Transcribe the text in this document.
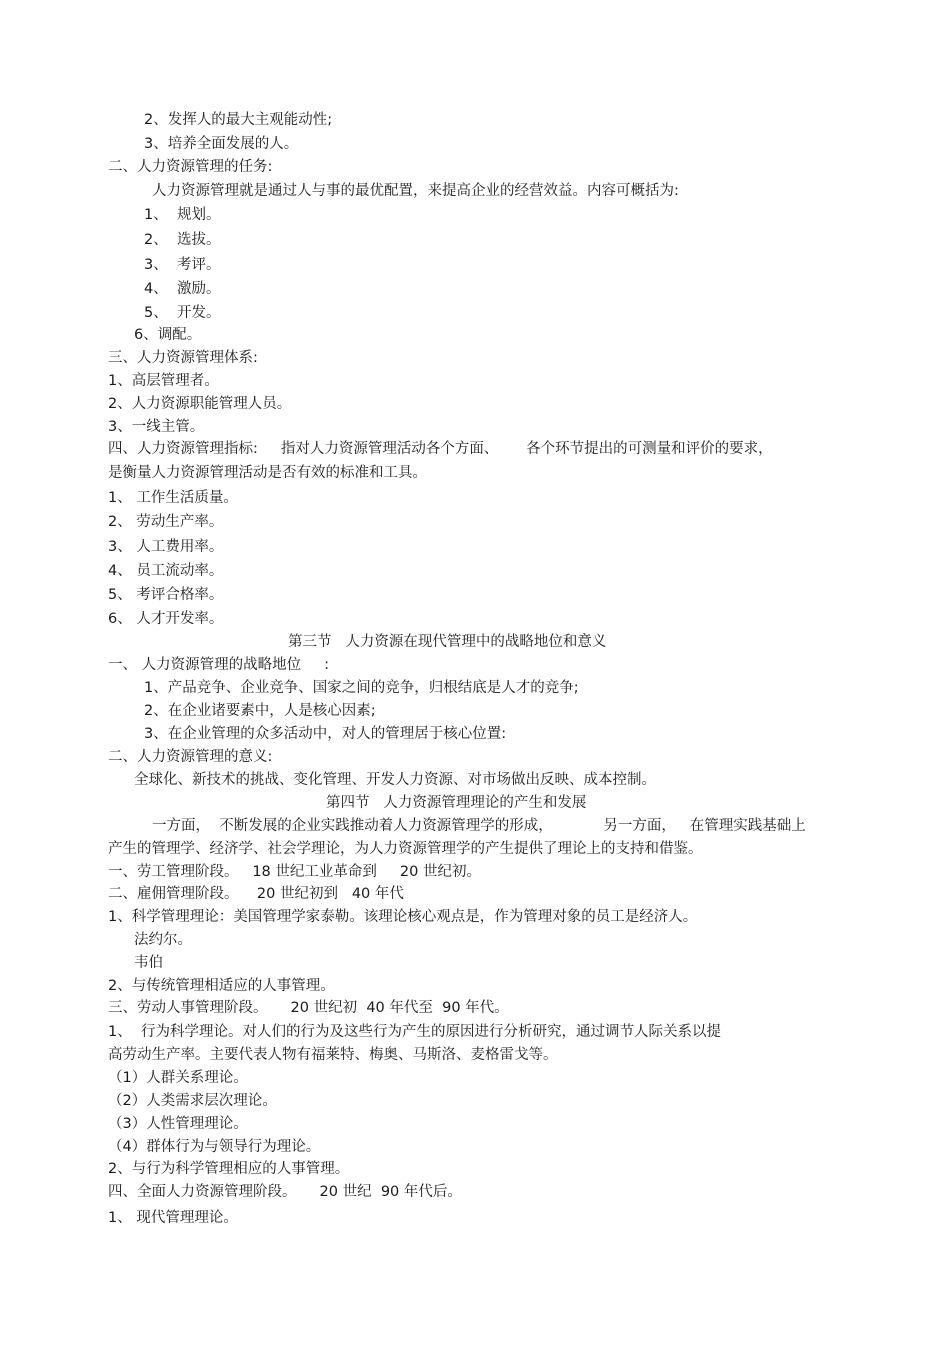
2、发挥人的最大主观能动性;
3、培养全面发展的人。
二、人力资源管理的任务:
人力资源管理就是通过人与事的最优配置，来提高企业的经营效益。内容可概括为:
1、  规划。
2、  选拔。
3、  考评。
4、  激励。
5、  开发。
6、调配。
三、人力资源管理体系:
1、高层管理者。
2、人力资源职能管理人员。
3、一线主管。
四、人力资源管理指标:     指对人力资源管理活动各个方面、      各个环节提出的可测量和评价的要求，
是衡量人力资源管理活动是否有效的标准和工具。
1、 工作生活质量。
2、 劳动生产率。
3、 人工费用率。
4、 员工流动率。
5、 考评合格率。
6、 人才开发率。
第三节   人力资源在现代管理中的战略地位和意义
一、 人力资源管理的战略地位     :
1、产品竞争、企业竞争、国家之间的竞争，归根结底是人才的竞争;
2、在企业诸要素中，人是核心因素;
3、在企业管理的众多活动中，对人的管理居于核心位置:
二、人力资源管理的意义:
全球化、新技术的挑战、变化管理、开发人力资源、对市场做出反映、成本控制。
第四节   人力资源管理理论的产生和发展
一方面，  不断发展的企业实践推动着人力资源管理学的形成，           另一方面，   在管理实践基础上
产生的管理学、经济学、社会学理论，为人力资源管理学的产生提供了理论上的支持和借鉴。
一、劳工管理阶段。   18 世纪工业革命到     20 世纪初。
二、雇佣管理阶段。    20 世纪初到   40 年代
1、科学管理理论：美国管理学家泰勒。该理论核心观点是，作为管理对象的员工是经济人。
法约尔。
韦伯
2、与传统管理相适应的人事管理。
三、劳动人事管理阶段。     20 世纪初  40 年代至  90 年代。
1、  行为科学理论。对人们的行为及这些行为产生的原因进行分析研究，通过调节人际关系以提
高劳动生产率。主要代表人物有福莱特、梅奥、马斯洛、麦格雷戈等。
（1）人群关系理论。
（2）人类需求层次理论。
（3）人性管理理论。
（4）群体行为与领导行为理论。
2、与行为科学管理相应的人事管理。
四、全面人力资源管理阶段。     20 世纪  90 年代后。
1、 现代管理理论。
